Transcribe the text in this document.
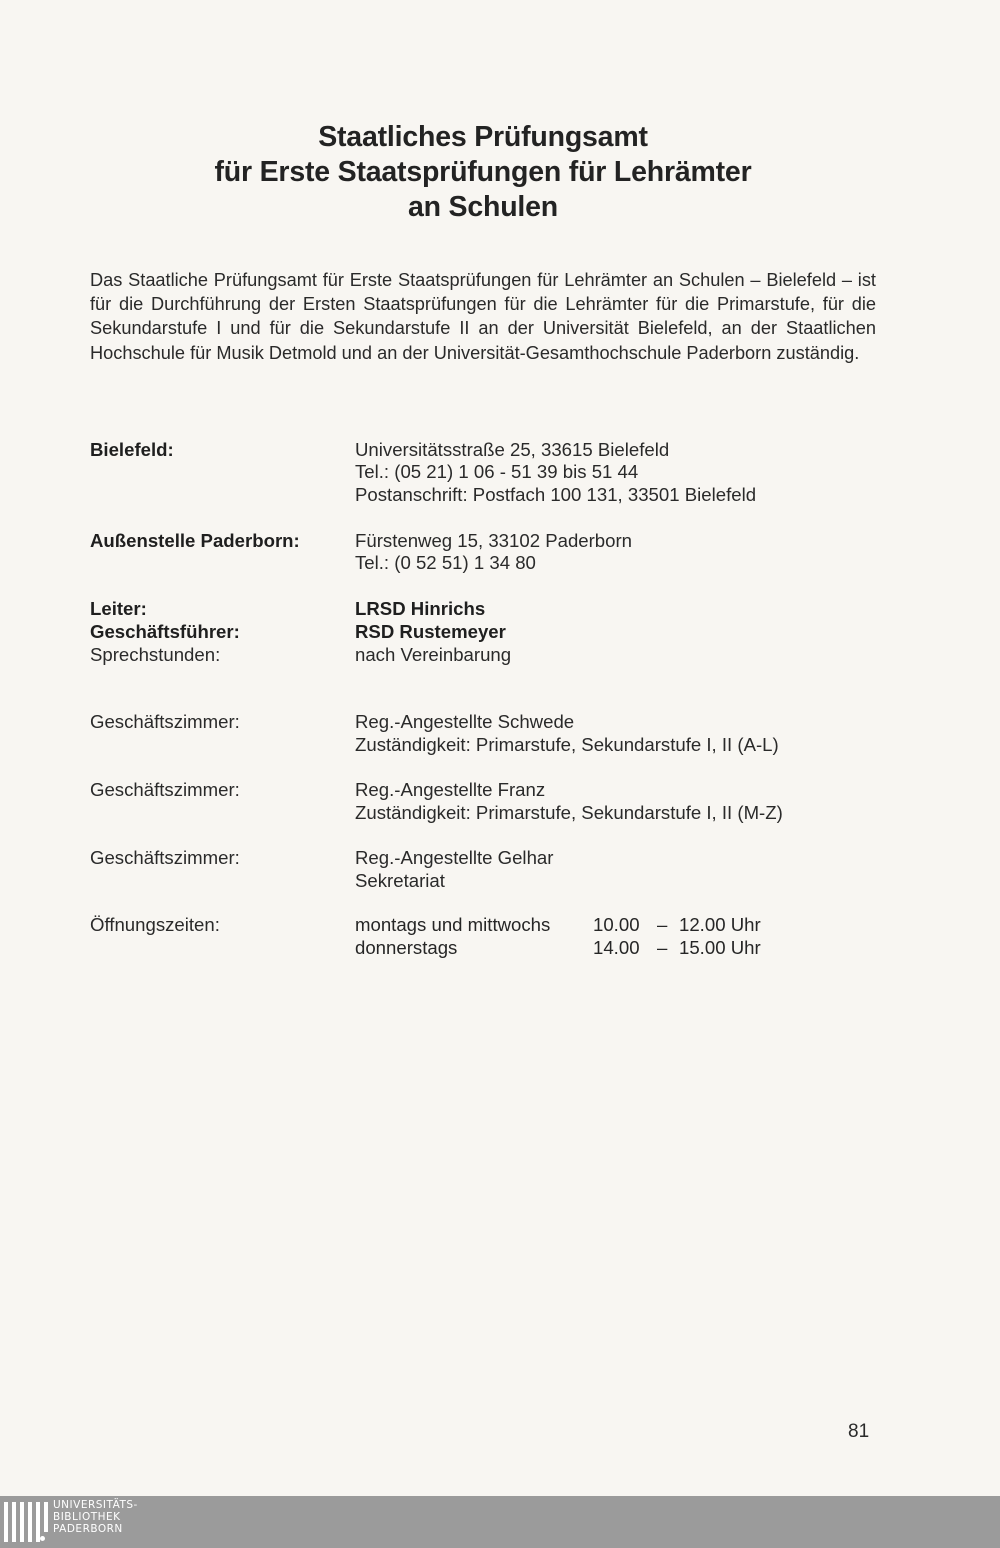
Staatliches Prüfungsamt
für Erste Staatsprüfungen für Lehrämter
an Schulen
Das Staatliche Prüfungsamt für Erste Staatsprüfungen für Lehrämter an Schulen – Bielefeld – ist für die Durchführung der Ersten Staatsprüfungen für die Lehrämter für die Primarstufe, für die Sekundarstufe I und für die Sekundarstufe II an der Universität Bielefeld, an der Staatlichen Hochschule für Musik Detmold und an der Universität-Gesamthochschule Paderborn zuständig.
Bielefeld:	Universitätsstraße 25, 33615 Bielefeld
Tel.: (05 21) 1 06 - 51 39 bis 51 44
Postanschrift: Postfach 100 131, 33501 Bielefeld
Außenstelle Paderborn:	Fürstenweg 15, 33102 Paderborn
Tel.: (0 52 51) 1 34 80
Leiter:	LRSD Hinrichs
Geschäftsführer:	RSD Rustemeyer
Sprechstunden:	nach Vereinbarung
Geschäftszimmer:	Reg.-Angestellte Schwede
Zuständigkeit: Primarstufe, Sekundarstufe I, II (A-L)
Geschäftszimmer:	Reg.-Angestellte Franz
Zuständigkeit: Primarstufe, Sekundarstufe I, II (M-Z)
Geschäftszimmer:	Reg.-Angestellte Gelhar
Sekretariat
Öffnungszeiten:	montags und mittwochs	10.00 – 12.00 Uhr
donnerstags	14.00 – 15.00 Uhr
81
UNIVERSITÄTS-
BIBLIOTHEK
PADERBORN
